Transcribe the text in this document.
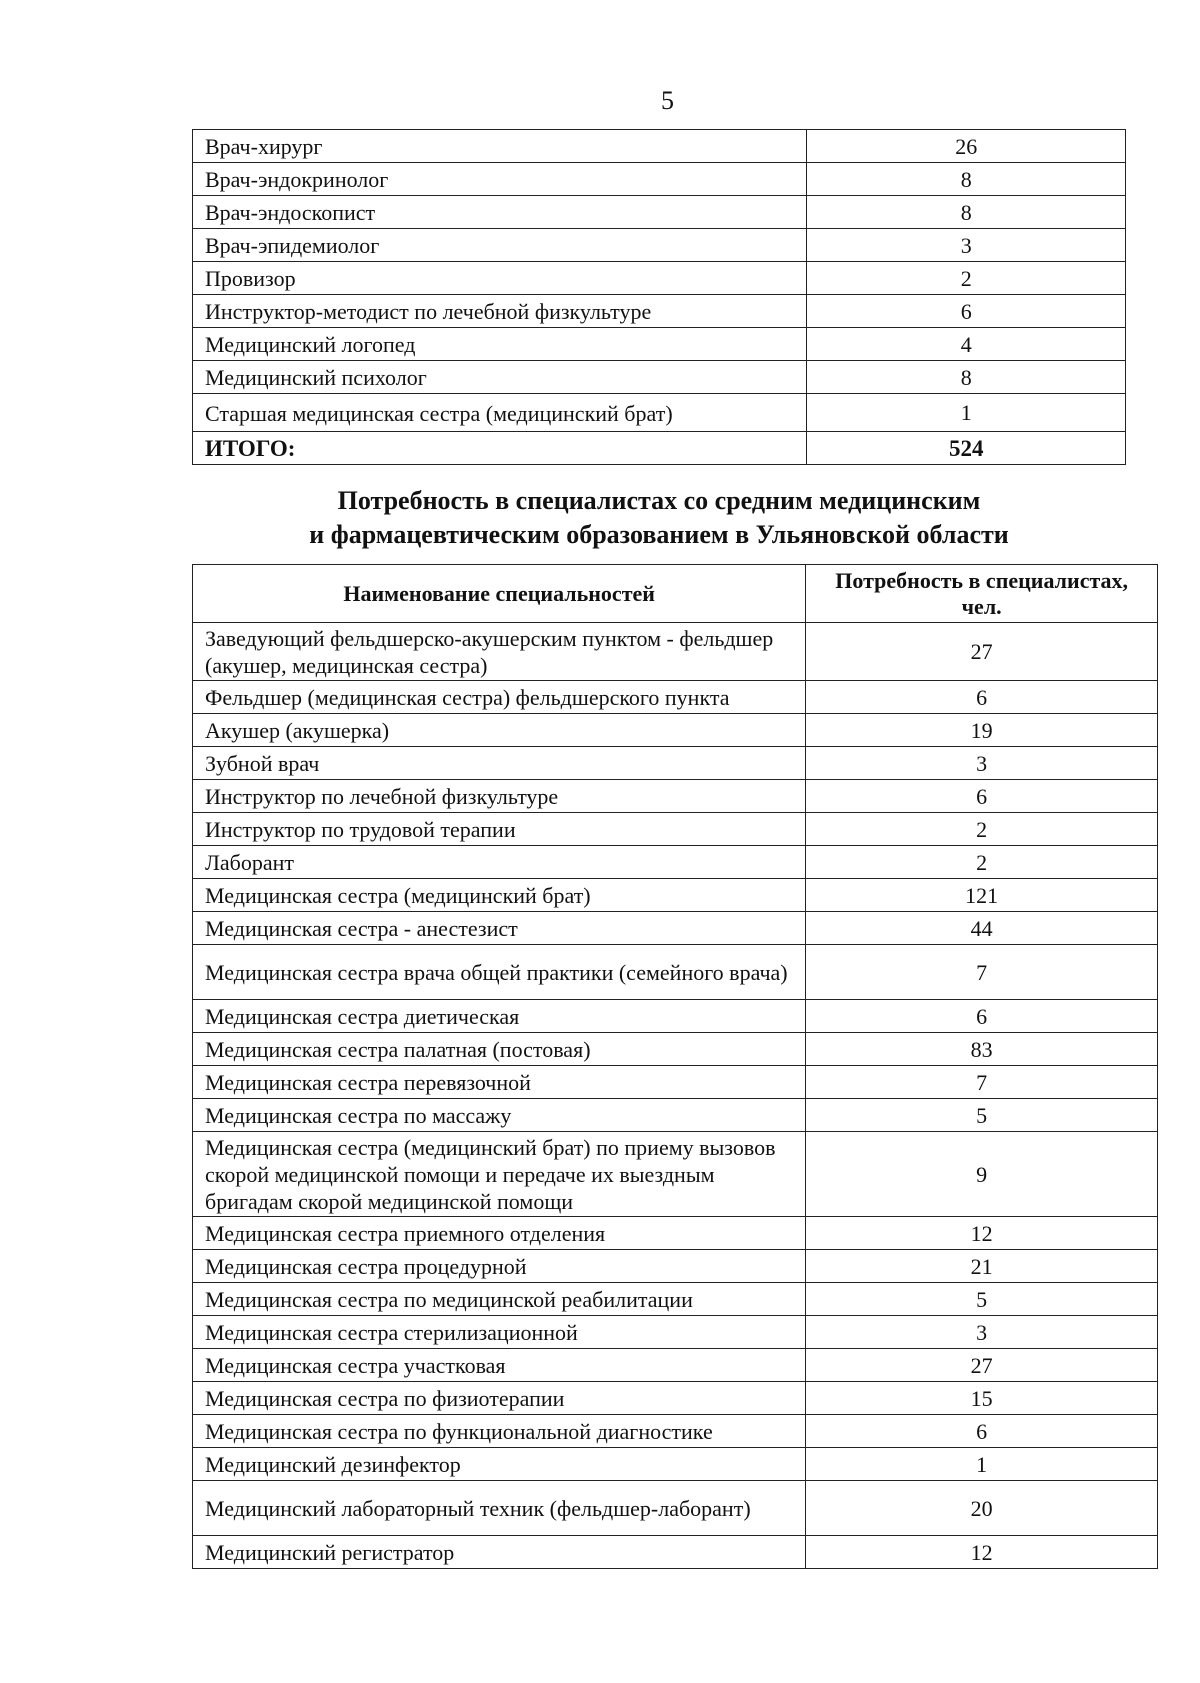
5
Врач-хирург	26
Врач-эндокринолог	8
Врач-эндоскопист	8
Врач-эпидемиолог	3
Провизор	2
Инструктор-методист по лечебной физкультуре	6
Медицинский логопед	4
Медицинский психолог	8
Старшая медицинская сестра (медицинский брат)	1
ИТОГО:	524
Потребность в специалистах со средним медицинским
и фармацевтическим образованием в Ульяновской области
Наименование специальностей	Потребность в специалистах,
чел.

Заведующий фельдшерско-акушерским пунктом - фельдшер (акушер, медицинская сестра)	27
Фельдшер (медицинская сестра) фельдшерского пункта	6
Акушер (акушерка)	19
Зубной врач	3
Инструктор по лечебной физкультуре	6
Инструктор по трудовой терапии	2
Лаборант	2
Медицинская сестра (медицинский брат)	121
Медицинская сестра - анестезист	44
Медицинская сестра врача общей практики (семейного врача)	7
Медицинская сестра диетическая	6
Медицинская сестра палатная (постовая)	83
Медицинская сестра перевязочной	7
Медицинская сестра по массажу	5
Медицинская сестра (медицинский брат) по приему вызовов скорой медицинской помощи и передаче их выездным бригадам скорой медицинской помощи	9
Медицинская сестра приемного отделения	12
Медицинская сестра процедурной	21
Медицинская сестра по медицинской реабилитации	5
Медицинская сестра стерилизационной	3
Медицинская сестра участковая	27
Медицинская сестра по физиотерапии	15
Медицинская сестра по функциональной диагностике	6
Медицинский дезинфектор	1
Медицинский лабораторный техник (фельдшер-лаборант)	20
Медицинский регистратор	12
